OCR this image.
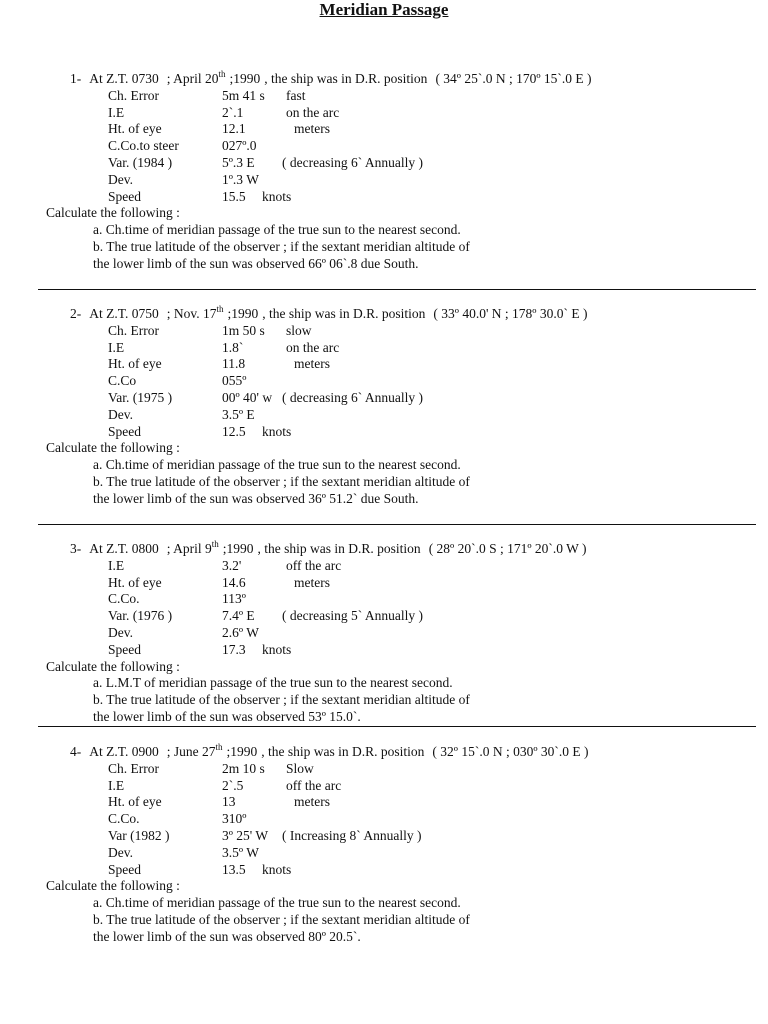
Meridian Passage
1- At Z.T. 0730 ; April 20th ;1990 , the ship was in D.R. position ( 34º 25`.0 N ; 170º 15`.0 E )
Ch. Error	5m 41 s fast
I.E	2`.1	on the arc
Ht. of eye	12.1	meters
C.Co.to steer	027º.0
Var. (1984 )	5º.3 E ( decreasing 6` Annually )
Dev.	1º.3 W
Speed	15.5 knots
Calculate the following :
a. Ch.time of meridian passage of the true sun to the nearest second.
b. The true latitude of the observer ; if the sextant meridian altitude of
the lower limb of the sun was observed 66º 06`.8 due South.
2- At Z.T. 0750 ; Nov. 17th ;1990 , the ship was in D.R. position ( 33º 40.0' N ; 178º 30.0` E )
Ch. Error	1m 50 s slow
I.E	1.8`	on the arc
Ht. of eye	11.8	meters
C.Co	055º
Var. (1975 )	00º 40' w ( decreasing 6` Annually )
Dev.	3.5º E
Speed	12.5 knots
Calculate the following :
a. Ch.time of meridian passage of the true sun to the nearest second.
b. The true latitude of the observer ; if the sextant meridian altitude of
the lower limb of the sun was observed 36º 51.2` due South.
3- At Z.T. 0800 ; April 9th ;1990 , the ship was in D.R. position ( 28º 20`.0 S ; 171º 20`.0 W )
I.E	3.2'	off the arc
Ht. of eye	14.6	meters
C.Co.	113º
Var. (1976 )	7.4º E ( decreasing 5` Annually )
Dev.	2.6º W
Speed	17.3 knots
Calculate the following :
a. L.M.T of meridian passage of the true sun to the nearest second.
b. The true latitude of the observer ; if the sextant meridian altitude of
the lower limb of the sun was observed 53º 15.0`.
4- At Z.T. 0900 ; June 27th ;1990 , the ship was in D.R. position ( 32º 15`.0 N ; 030º 30`.0 E )
Ch. Error	2m 10 s Slow
I.E	2`.5	off the arc
Ht. of eye	13	meters
C.Co.	310º
Var (1982 )	3º 25' W ( Increasing 8` Annually )
Dev.	3.5º W
Speed	13.5 knots
Calculate the following :
a. Ch.time of meridian passage of the true sun to the nearest second.
b. The true latitude of the observer ; if the sextant meridian altitude of
the lower limb of the sun was observed 80º 20.5`.
